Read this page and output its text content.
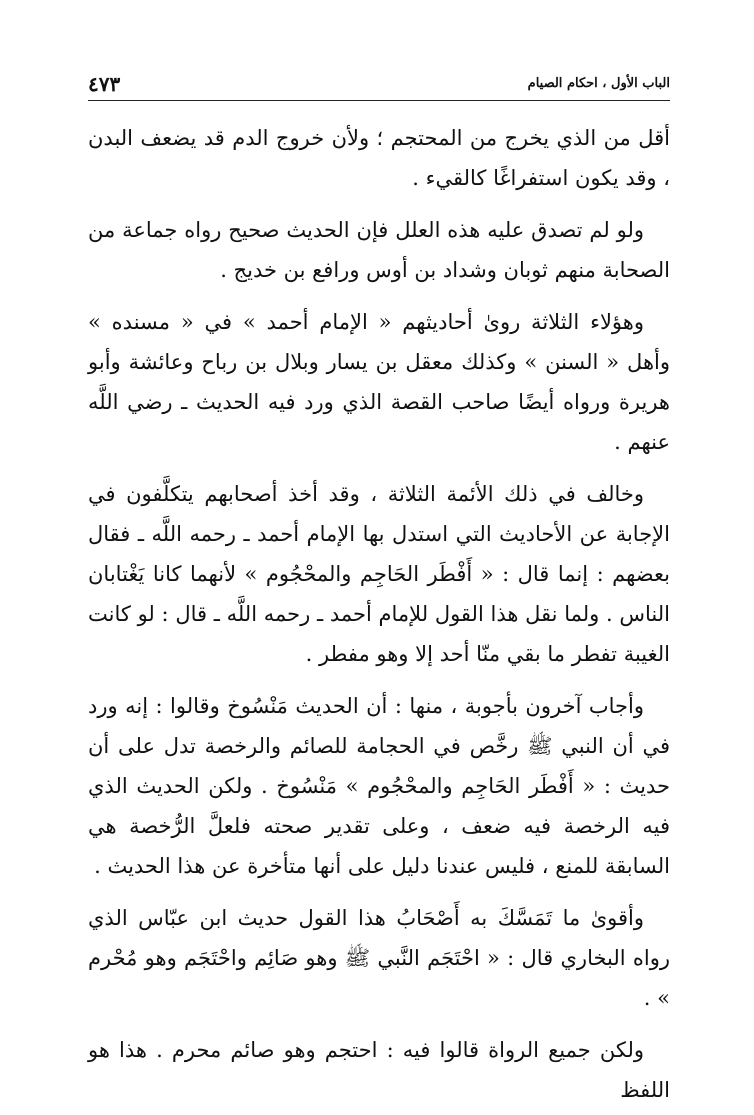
الباب الأول ، احكام الصيام
٤٧٣

أقل من الذي يخرج من المحتجم ؛ ولأن خروج الدم قد يضعف البدن ، وقد يكون استفراغًا كالقيء .

ولو لم تصدق عليه هذه العلل فإن الحديث صحيح رواه جماعة من الصحابة منهم ثوبان وشداد بن أوس ورافع بن خديج .

وهؤلاء الثلاثة روىٰ أحاديثهم « الإمام أحمد » في « مسنده » وأهل « السنن » وكذلك معقل بن يسار وبلال بن رباح وعائشة وأبو هريرة ورواه أيضًا صاحب القصة الذي ورد فيه الحديث ـ رضي اللَّه عنهم .

وخالف في ذلك الأئمة الثلاثة ، وقد أخذ أصحابهم يتكلَّفون في الإجابة عن الأحاديث التي استدل بها الإمام أحمد ـ رحمه اللَّه ـ فقال بعضهم : إنما قال : « أَفْطَر الحَاجِم والمحْجُوم » لأنهما كانا يَغْتابان الناس . ولما نقل هذا القول للإمام أحمد ـ رحمه اللَّه ـ قال : لو كانت الغيبة تفطر ما بقي منّا أحد إلا وهو مفطر .

وأجاب آخرون بأجوبة ، منها : أن الحديث مَنْسُوخ وقالوا : إنه ورد في أن النبي ﷺ رخَّص في الحجامة للصائم والرخصة تدل على أن حديث : « أَفْطَر الحَاجِم والمحْجُوم » مَنْسُوخ . ولكن الحديث الذي فيه الرخصة فيه ضعف ، وعلى تقدير صحته فلعلَّ الرُّخصة هي السابقة للمنع ، فليس عندنا دليل على أنها متأخرة عن هذا الحديث .

وأقوىٰ ما تَمَسَّكَ به أَصْحَابُ هذا القول حديث ابن عبّاس الذي رواه البخاري قال : « احْتَجَم النَّبي ﷺ وهو صَائِم واحْتَجَم وهو مُحْرم » .

ولكن جميع الرواة قالوا فيه : احتجم وهو صائم محرم . هذا هو اللفظ
